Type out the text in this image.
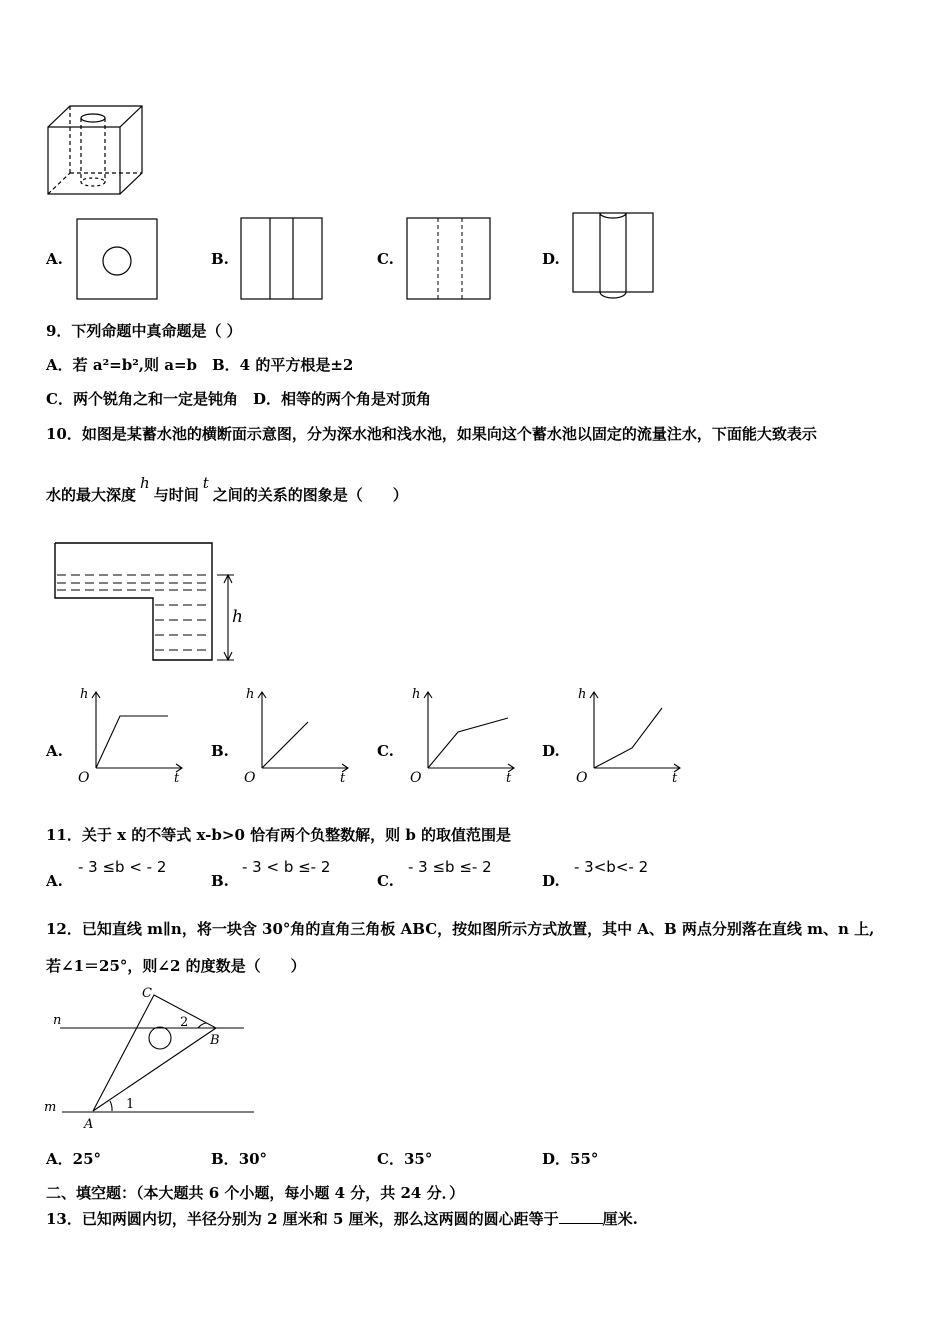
A.	B.	C.	D.
9．下列命题中真命题是（ ）
A．若 a²=b²,则 a=b　B．4 的平方根是±2
C．两个锐角之和一定是钝角　D．相等的两个角是对顶角
10．如图是某蓄水池的横断面示意图，分为深水池和浅水池，如果向这个蓄水池以固定的流量注水，下面能大致表示
水的最大深度h与时间t之间的关系的图象是（　　）
h
A.
h
t
O
B.
h
t
O
C.
h
t
O
D.
h
t
O
11．关于 x 的不等式 x-b>0 恰有两个负整数解，则 b 的取值范围是
A.
- 3 ≤b < - 2
B.
- 3 < b ≤- 2
C.
- 3 ≤b ≤- 2
D.
- 3<b<- 2
12．已知直线 m∥n，将一块含 30°角的直角三角板 ABC，按如图所示方式放置，其中 A、B 两点分别落在直线 m、n 上,
若∠1＝25°，则∠2 的度数是（　　）
C
n	2
B
m	1
A
A．25°	B．30°	C．35°	D．55°
二、填空题：（本大题共 6 个小题，每小题 4 分，共 24 分．）
13．已知两圆内切，半径分别为 2 厘米和 5 厘米，那么这两圆的圆心距等于	厘米.
